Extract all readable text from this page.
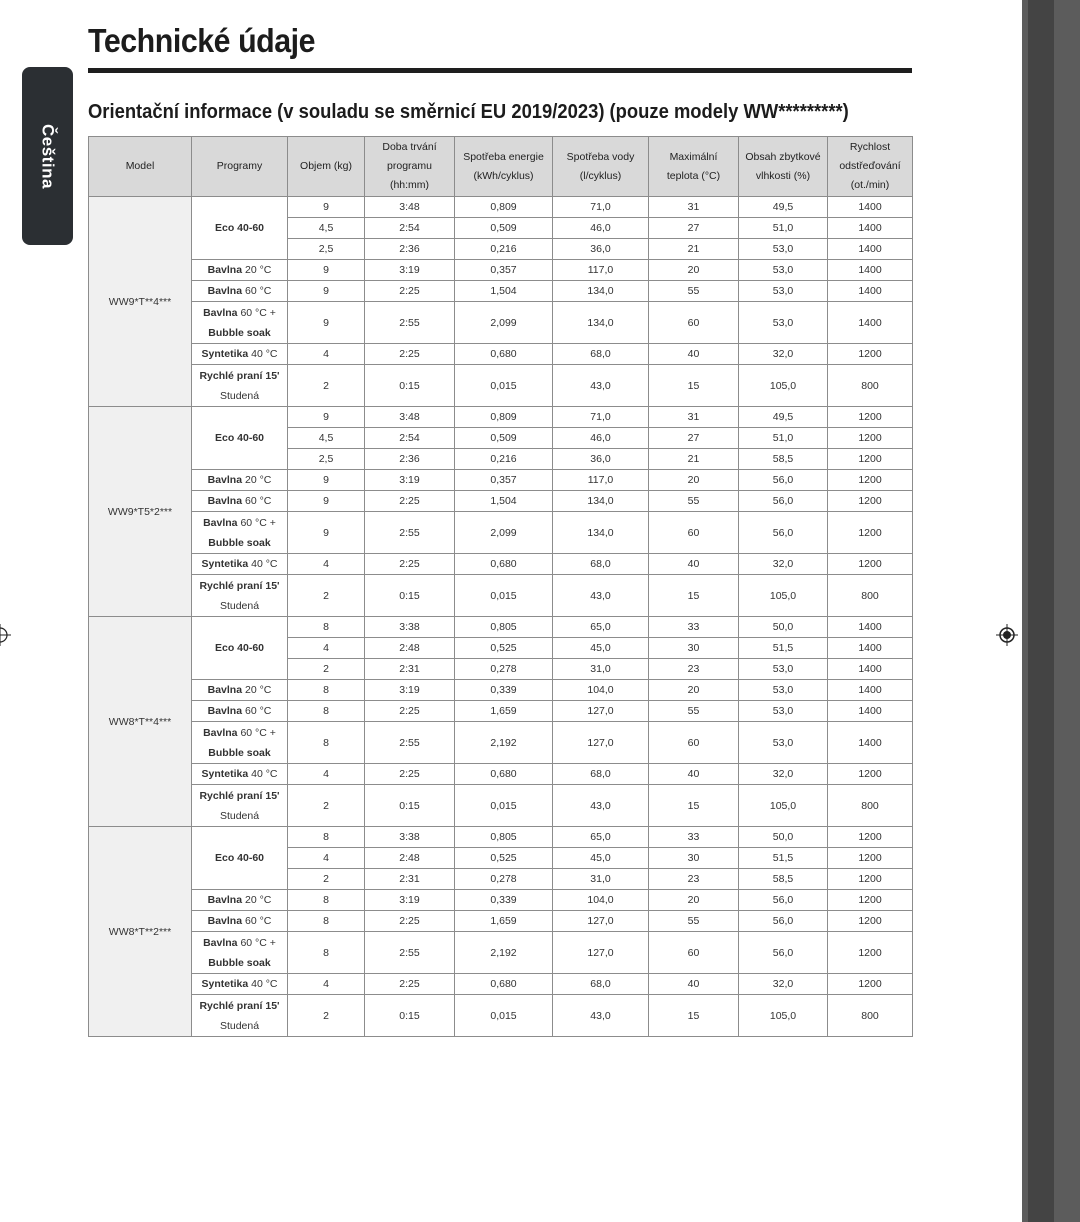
Čeština
Technické údaje
Orientační informace (v souladu se směrnicí EU 2019/2023) (pouze modely WW*********)
Model	Programy	Objem (kg)	Doba trvání
programu
(hh:mm)	Spotřeba energie
(kWh/cyklus)	Spotřeba vody
(l/cyklus)	Maximální
teplota (°C)	Obsah zbytkové
vlhkosti (%)	Rychlost
odstřeďování
(ot./min)
WW9*T**4***	Eco 40-60	9	3:48	0,809	71,0	31	49,5	1400
		4,5	2:54	0,509	46,0	27	51,0	1400
		2,5	2:36	0,216	36,0	21	53,0	1400
	Bavlna 20 °C	9	3:19	0,357	117,0	20	53,0	1400
	Bavlna 60 °C	9	2:25	1,504	134,0	55	53,0	1400
	Bavlna 60 °C +
Bubble soak	9	2:55	2,099	134,0	60	53,0	1400
	Syntetika 40 °C	4	2:25	0,680	68,0	40	32,0	1200
	Rychlé praní 15'
Studená	2	0:15	0,015	43,0	15	105,0	800
WW9*T5*2***	Eco 40-60	9	3:48	0,809	71,0	31	49,5	1200
		4,5	2:54	0,509	46,0	27	51,0	1200
		2,5	2:36	0,216	36,0	21	58,5	1200
	Bavlna 20 °C	9	3:19	0,357	117,0	20	56,0	1200
	Bavlna 60 °C	9	2:25	1,504	134,0	55	56,0	1200
	Bavlna 60 °C +
Bubble soak	9	2:55	2,099	134,0	60	56,0	1200
	Syntetika 40 °C	4	2:25	0,680	68,0	40	32,0	1200
	Rychlé praní 15'
Studená	2	0:15	0,015	43,0	15	105,0	800
WW8*T**4***	Eco 40-60	8	3:38	0,805	65,0	33	50,0	1400
		4	2:48	0,525	45,0	30	51,5	1400
		2	2:31	0,278	31,0	23	53,0	1400
	Bavlna 20 °C	8	3:19	0,339	104,0	20	53,0	1400
	Bavlna 60 °C	8	2:25	1,659	127,0	55	53,0	1400
	Bavlna 60 °C +
Bubble soak	8	2:55	2,192	127,0	60	53,0	1400
	Syntetika 40 °C	4	2:25	0,680	68,0	40	32,0	1200
	Rychlé praní 15'
Studená	2	0:15	0,015	43,0	15	105,0	800
WW8*T**2***	Eco 40-60	8	3:38	0,805	65,0	33	50,0	1200
		4	2:48	0,525	45,0	30	51,5	1200
		2	2:31	0,278	31,0	23	58,5	1200
	Bavlna 20 °C	8	3:19	0,339	104,0	20	56,0	1200
	Bavlna 60 °C	8	2:25	1,659	127,0	55	56,0	1200
	Bavlna 60 °C +
Bubble soak	8	2:55	2,192	127,0	60	56,0	1200
	Syntetika 40 °C	4	2:25	0,680	68,0	40	32,0	1200
	Rychlé praní 15'
Studená	2	0:15	0,015	43,0	15	105,0	800
